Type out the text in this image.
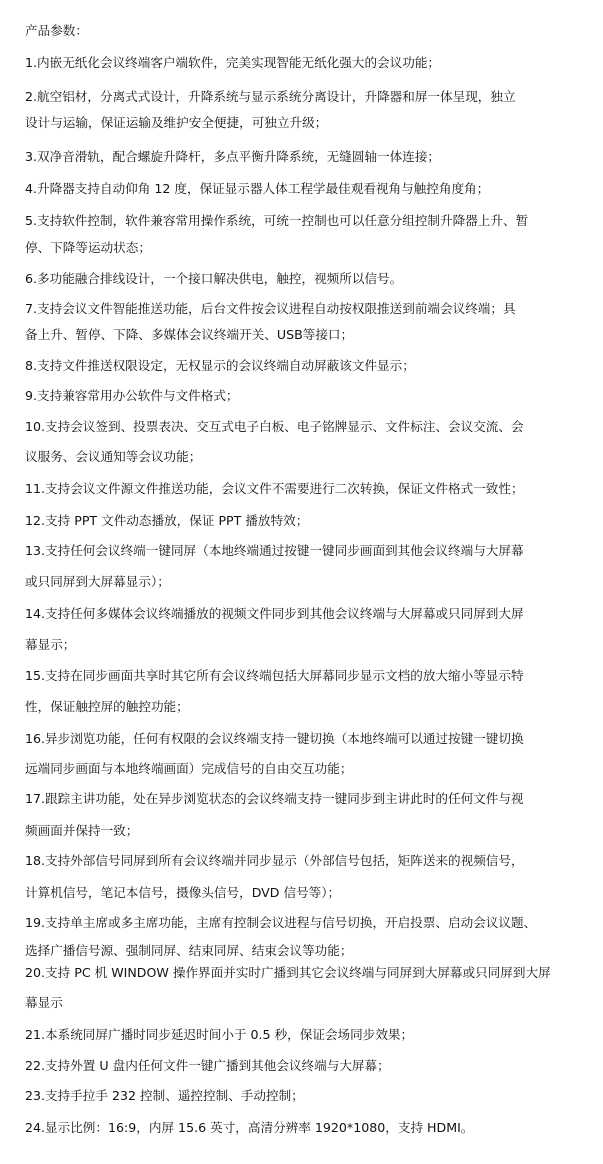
产品参数：
1.内嵌无纸化会议终端客户端软件，完美实现智能无纸化强大的会议功能；
2.航空铝材，分离式式设计，升降系统与显示系统分离设计，升降器和屏一体呈现，独立
设计与运输，保证运输及维护安全便捷，可独立升级；
3.双净音滑轨，配合螺旋升降杆，多点平衡升降系统，无缝圆轴一体连接；
4.升降器支持自动仰角 12 度，保证显示器人体工程学最佳观看视角与触控角度角；
5.支持软件控制，软件兼容常用操作系统，可统一控制也可以任意分组控制升降器上升、暂
停、下降等运动状态；
6.多功能融合排线设计，一个接口解决供电，触控，视频所以信号。
7.支持会议文件智能推送功能，后台文件按会议进程自动按权限推送到前端会议终端；具
备上升、暂停、下降、多媒体会议终端开关、USB等接口；
8.支持文件推送权限设定，无权显示的会议终端自动屏蔽该文件显示；
9.支持兼容常用办公软件与文件格式；
10.支持会议签到、投票表决、交互式电子白板、电子铭牌显示、文件标注、会议交流、会
议服务、会议通知等会议功能；
11.支持会议文件源文件推送功能，会议文件不需要进行二次转换，保证文件格式一致性；
12.支持 PPT 文件动态播放，保证 PPT 播放特效；
13.支持任何会议终端一键同屏（本地终端通过按键一键同步画面到其他会议终端与大屏幕
或只同屏到大屏幕显示）；
14.支持任何多媒体会议终端播放的视频文件同步到其他会议终端与大屏幕或只同屏到大屏
幕显示；
15.支持在同步画面共享时其它所有会议终端包括大屏幕同步显示文档的放大缩小等显示特
性，保证触控屏的触控功能；
16.异步浏览功能，任何有权限的会议终端支持一键切换（本地终端可以通过按键一键切换
远端同步画面与本地终端画面）完成信号的自由交互功能；
17.跟踪主讲功能，处在异步浏览状态的会议终端支持一键同步到主讲此时的任何文件与视
频画面并保持一致；
18.支持外部信号同屏到所有会议终端并同步显示（外部信号包括，矩阵送来的视频信号，
计算机信号，笔记本信号，摄像头信号，DVD 信号等）；
19.支持单主席或多主席功能，主席有控制会议进程与信号切换，开启投票、启动会议议题、
选择广播信号源、强制同屏、结束同屏、结束会议等功能；
20.支持 PC 机 WINDOW 操作界面并实时广播到其它会议终端与同屏到大屏幕或只同屏到大屏
幕显示
21.本系统同屏广播时同步延迟时间小于 0.5 秒，保证会场同步效果；
22.支持外置 U 盘内任何文件一键广播到其他会议终端与大屏幕；
23.支持手拉手 232 控制、遥控控制、手动控制；
24.显示比例：16:9，内屏 15.6 英寸，高清分辨率 1920*1080，支持 HDMI。
